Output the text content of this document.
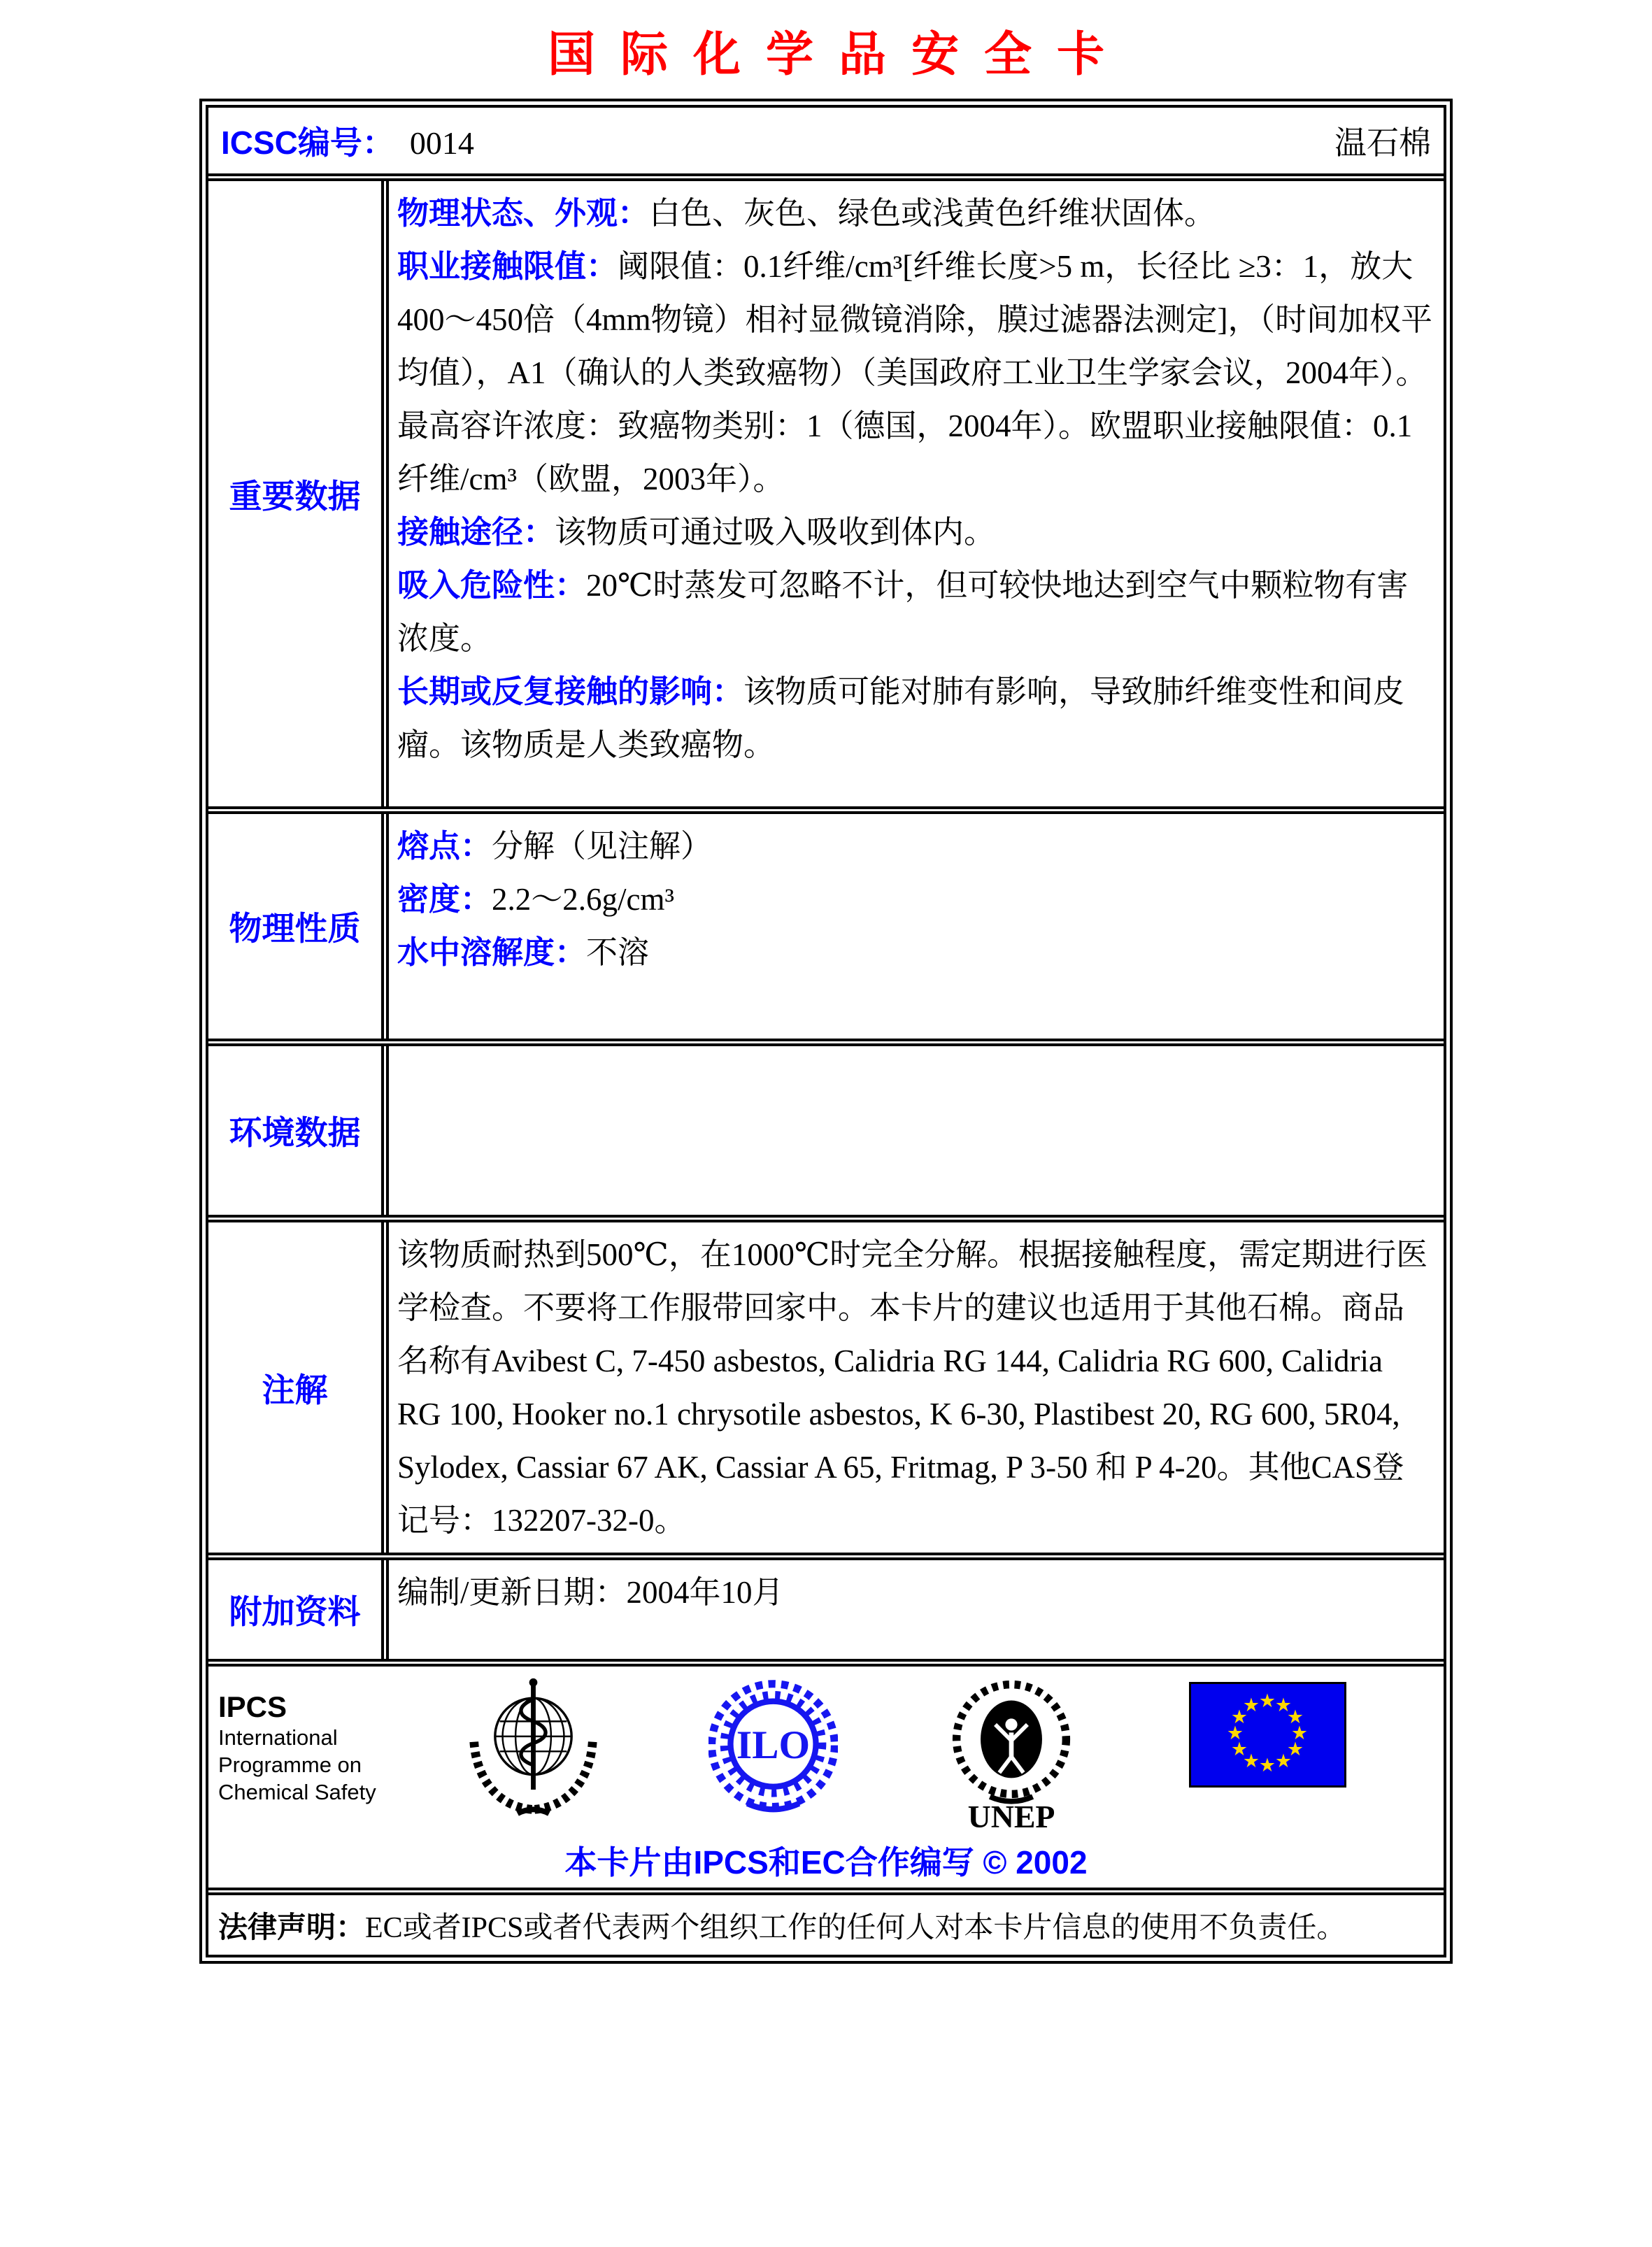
国际化学品安全卡
ICSC编号： 0014	温石棉
重要数据

物理状态、外观：白色、灰色、绿色或浅黄色纤维状固体。

职业接触限值：阈限值：0.1纤维/cm³[纤维长度>5 m，长径比 ≥3：1，放大400～450倍（4mm物镜）相衬显微镜消除，膜过滤器法测定]，（时间加权平均值），A1（确认的人类致癌物）（美国政府工业卫生学家会议，2004年）。最高容许浓度：致癌物类别：1（德国，2004年）。欧盟职业接触限值：0.1纤维/cm³（欧盟，2003年）。

接触途径：该物质可通过吸入吸收到体内。

吸入危险性：20℃时蒸发可忽略不计，但可较快地达到空气中颗粒物有害浓度。

长期或反复接触的影响：该物质可能对肺有影响，导致肺纤维变性和间皮瘤。该物质是人类致癌物。

物理性质

熔点：分解（见注解）

密度：2.2～2.6g/cm³

水中溶解度：不溶

环境数据
注解

该物质耐热到500℃，在1000℃时完全分解。根据接触程度，需定期进行医学检查。不要将工作服带回家中。本卡片的建议也适用于其他石棉。商品名称有Avibest C, 7-450 asbestos, Calidria RG 144, Calidria RG 600, Calidria RG 100, Hooker no.1 chrysotile asbestos, K 6-30, Plastibest 20, RG 600, 5R04, Sylodex, Cassiar 67 AK, Cassiar A 65, Fritmag, P 3-50 和 P 4-20。其他CAS登记号：132207-32-0。

附加资料

编制/更新日期：2004年10月

IPCS
International
Programme on
Chemical Safety
ILO
UNEP
★
★
★
★
★
★
★
★
★
★
★
★
本卡片由IPCS和EC合作编写 © 2002
法律声明： EC或者IPCS或者代表两个组织工作的任何人对本卡片信息的使用不负责任。
